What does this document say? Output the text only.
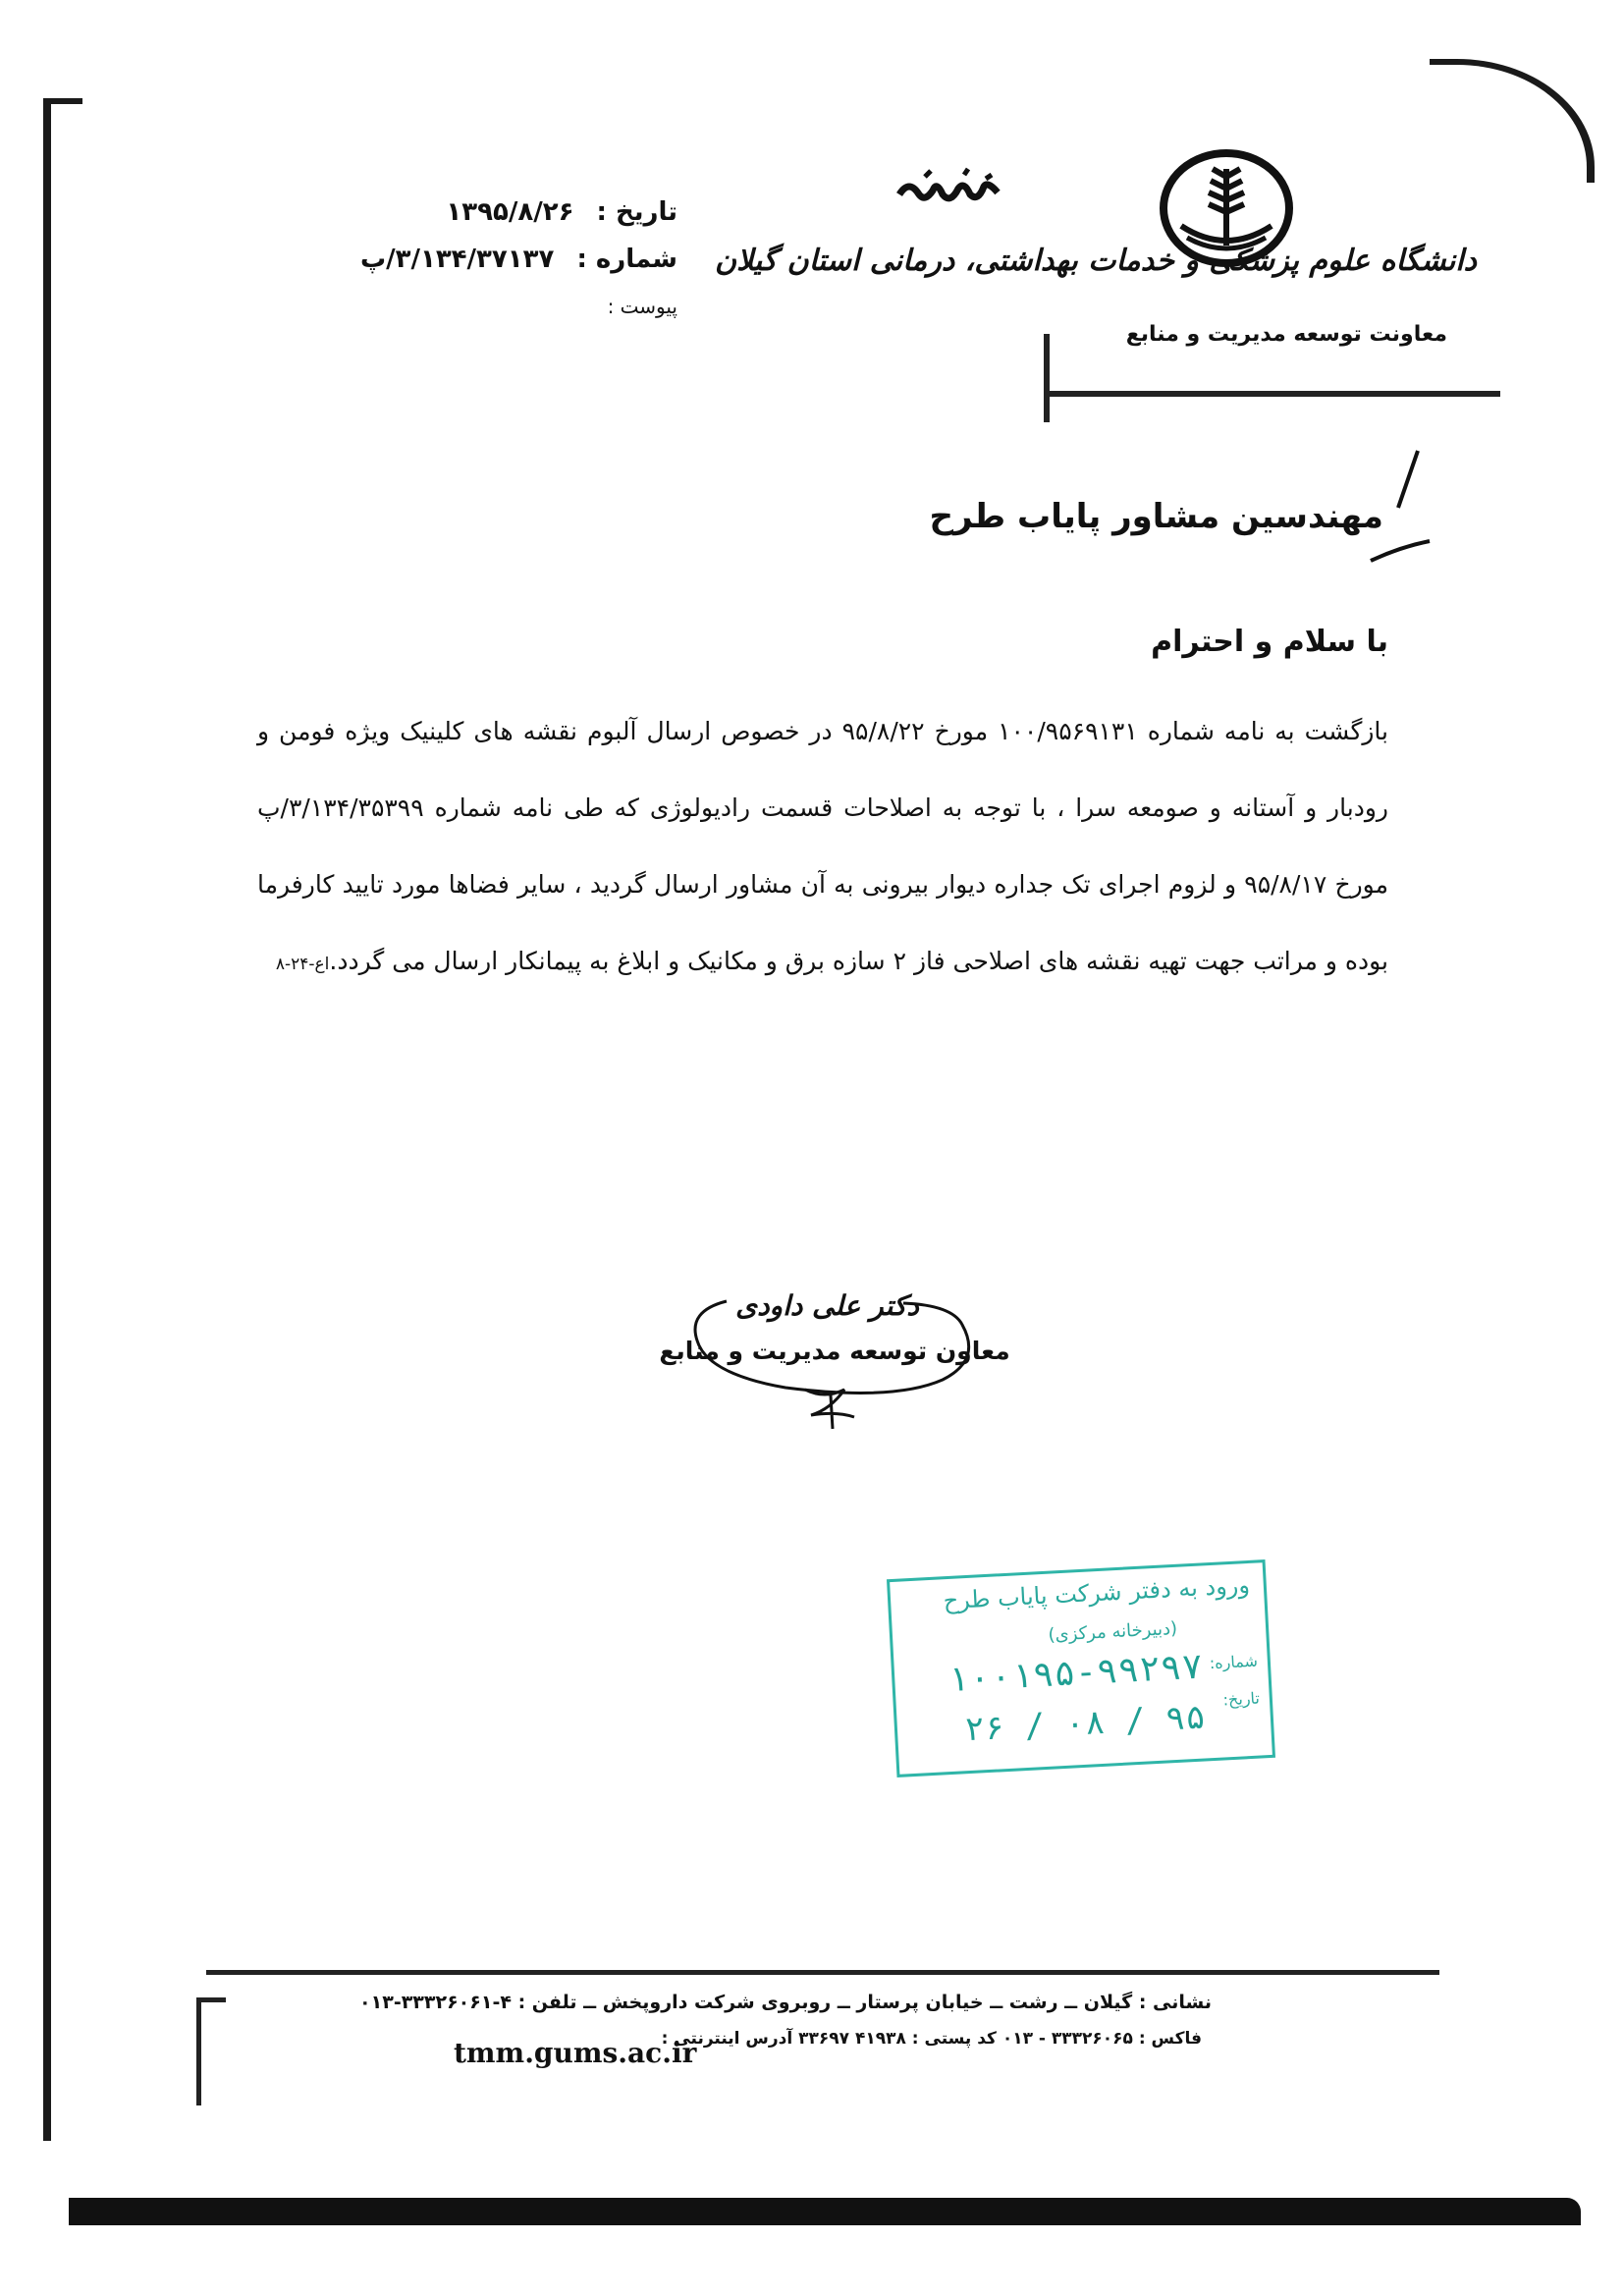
دانشگاه علوم پزشکی و خدمات بهداشتی، درمانی استان گیلان
معاونت توسعه مدیریت و منابع
تاریخ : ۱۳۹۵/۸/۲۶
شماره : ۳/۱۳۴/۳۷۱۳۷/پ
پیوست :
مهندسین مشاور پایاب طرح
با سلام و احترام
بازگشت به نامه شماره ۱۰۰/۹۵۶۹۱۳۱ مورخ ۹۵/۸/۲۲ در خصوص ارسال آلبوم نقشه های کلینیک ویژه فومن و رودبار و آستانه و صومعه سرا ، با توجه به اصلاحات قسمت رادیولوژی که طی نامه شماره ۳/۱۳۴/۳۵۳۹۹/پ مورخ ۹۵/۸/۱۷ و لزوم اجرای تک جداره دیوار بیرونی به آن مشاور ارسال گردید ، سایر فضاها مورد تایید کارفرما بوده و مراتب جهت تهیه نقشه های اصلاحی فاز ۲ سازه برق و مکانیک و ابلاغ به پیمانکار ارسال می گردد.اع-۲۴-۸
دکتر علی داودی
معاون توسعه مدیریت و منابع
ورود به دفتر شرکت پایاب طرح
(دبیرخانه مرکزی)
شماره:
۱۰۰۱۹۵-۹۹۲۹۷ تاریخ:
۹۵ / ۰۸ / ۲۶
نشانی : گیلان ــ رشت ــ خیابان پرستار ــ روبروی شرکت داروپخش ــ تلفن : ۴-۳۳۳۲۶۰۶۱-۰۱۳
فاکس : ۳۳۳۲۶۰۶۵ - ۰۱۳ کد پستی : ۴۱۹۳۸ ۳۳۶۹۷ آدرس اینترنتی :
tmm.gums.ac.ir
